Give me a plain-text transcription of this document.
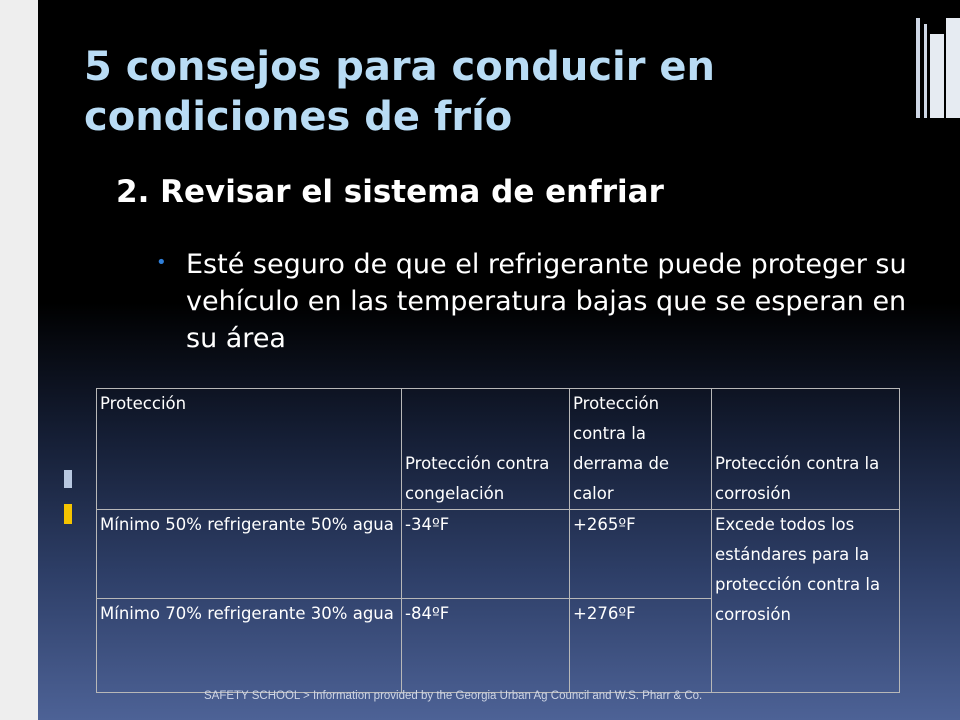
5 consejos para conducir en condiciones de frío
2. Revisar el sistema de enfriar
• Esté seguro de que el refrigerante puede proteger su vehículo en las temperatura bajas que se esperan en su área
Protección	Protección contra congelación	Protección contra la derrama de calor	Protección contra la corrosión
Mínimo 50% refrigerante 50% agua	-34ºF	+265ºF	Excede todos los estándares para la protección contra la corrosión
Mínimo 70% refrigerante 30% agua	-84ºF	+276ºF	
SAFETY SCHOOL > Information provided by the Georgia Urban Ag Council and W.S. Pharr & Co.
